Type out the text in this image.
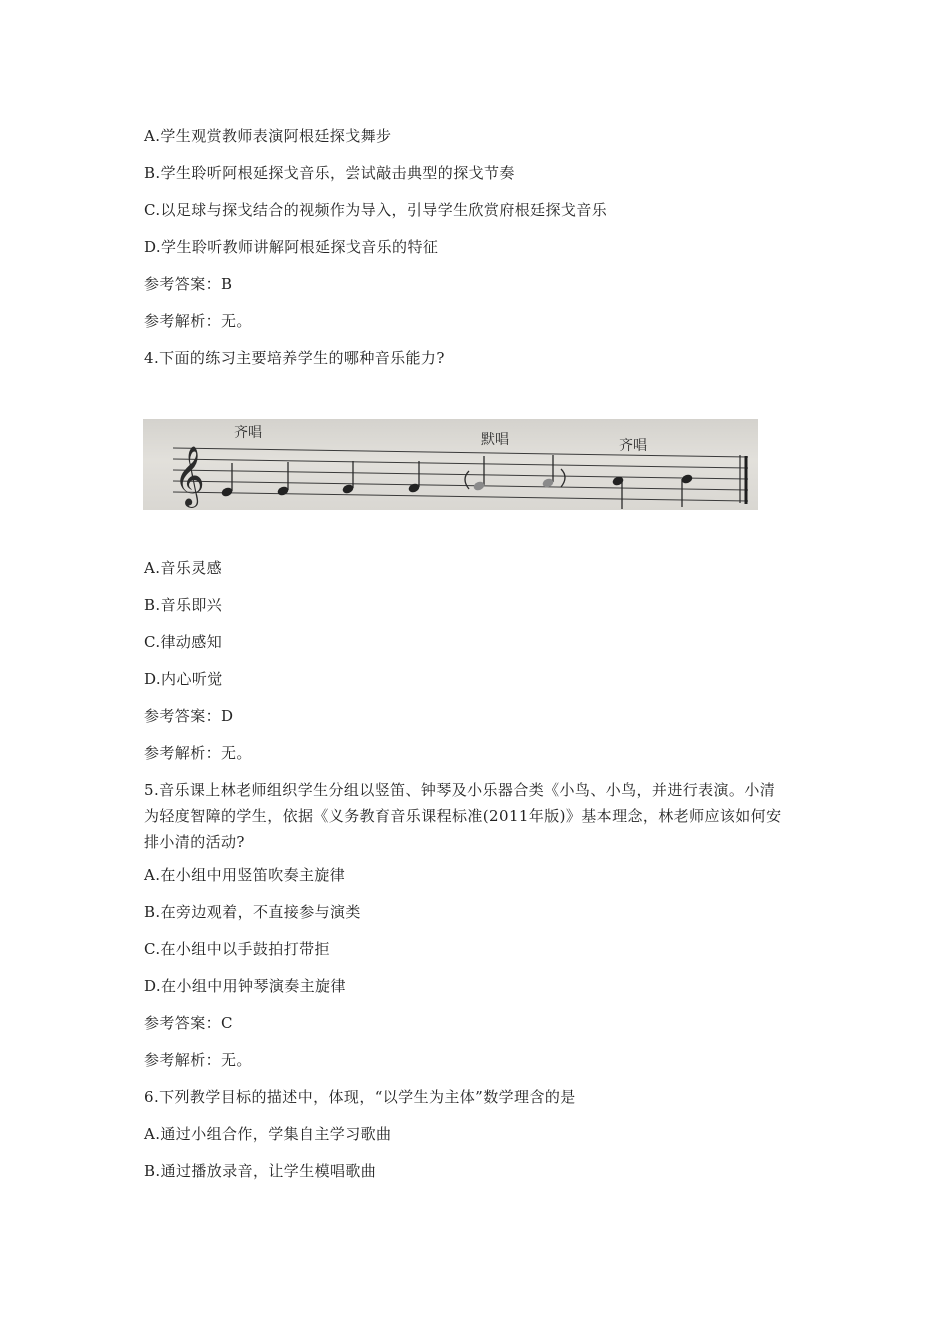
A.学生观赏教师表演阿根廷探戈舞步

B.学生聆听阿根延探戈音乐，尝试敲击典型的探戈节奏

C.以足球与探戈结合的视频作为导入，引导学生欣赏府根廷探戈音乐

D.学生聆听教师讲解阿根延探戈音乐的特征

参考答案：B

参考解析：无。

4.下面的练习主要培养学生的哪种音乐能力?

𝄞
齐唱	默唱	齐唱

A.音乐灵感

B.音乐即兴

C.律动感知

D.内心听觉

参考答案：D

参考解析：无。

5.音乐课上林老师组织学生分组以竖笛、钟琴及小乐器合类《小鸟、小鸟，并进行表演。小清
为轻度智障的学生，依据《义务教育音乐课程标准(2011年版)》基本理念，林老师应该如何安
排小清的活动?

A.在小组中用竖笛吹奏主旋律

B.在旁边观着，不直接参与演类

C.在小组中以手鼓拍打带拒

D.在小组中用钟琴演奏主旋律

参考答案：C

参考解析：无。

6.下列教学目标的描述中，体现，“以学生为主体”数学理含的是

A.通过小组合作，学集自主学习歌曲

B.通过播放录音，让学生模唱歌曲
